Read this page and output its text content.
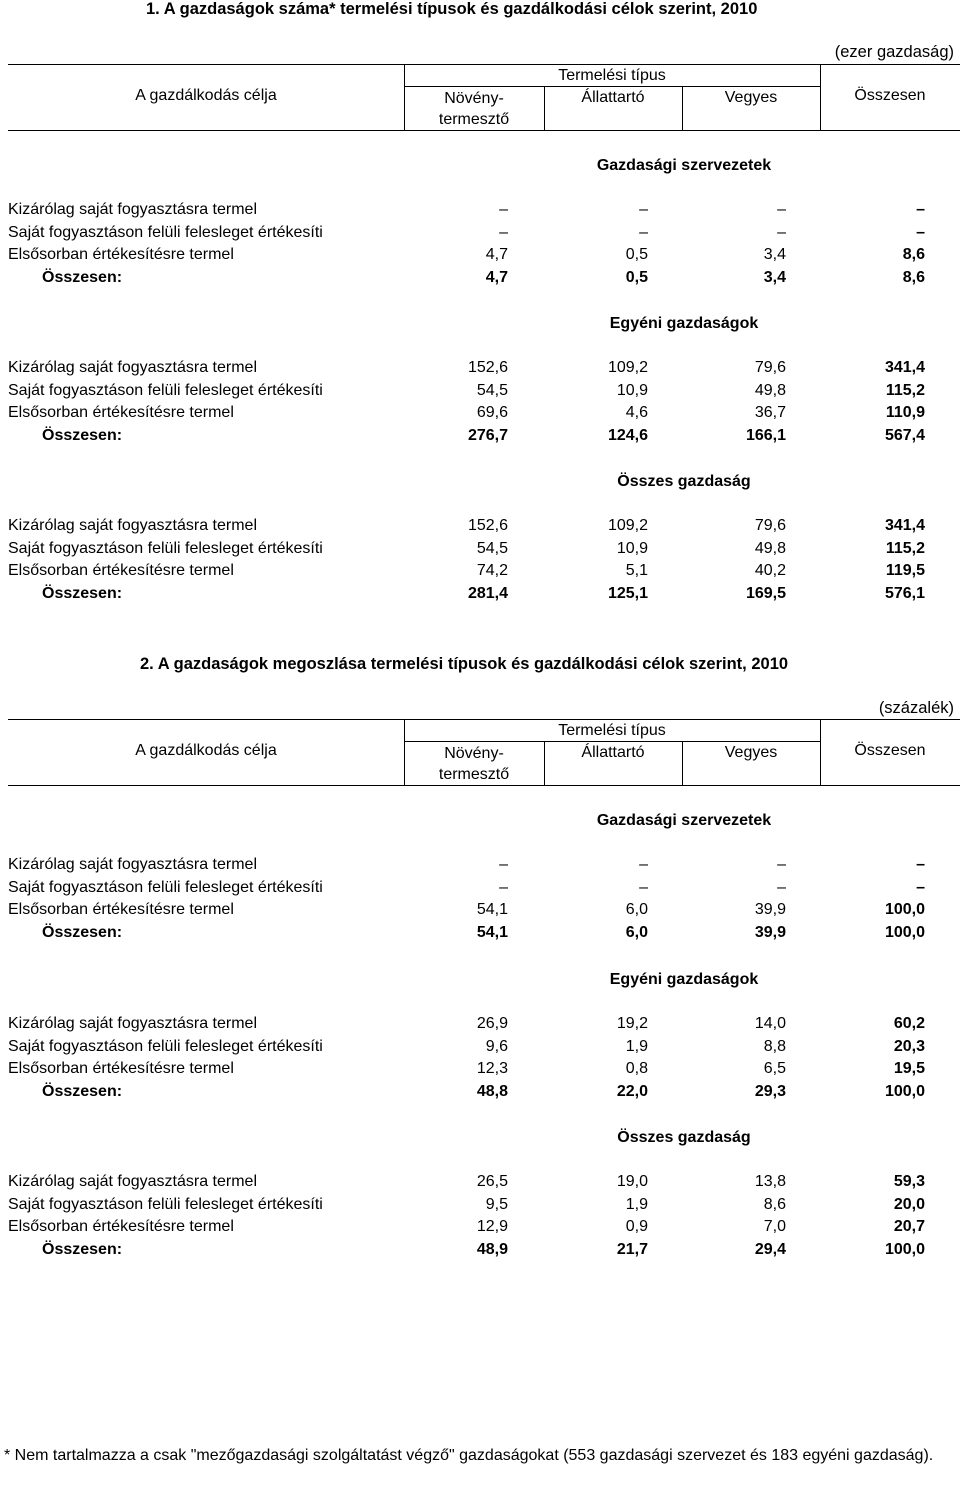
1. A gazdaságok száma* termelési típusok és gazdálkodási célok szerint, 2010
(ezer gazdaság)
A gazdálkodás célja
Termelési típus
Növény-
termesztő
Állattartó	Vegyes	Összesen
Gazdasági szervezetek
Kizárólag saját fogyasztásra termel	–	–	–	–
Saját fogyasztáson felüli felesleget értékesíti	–	–	–	–
Elsősorban értékesítésre termel	4,7	0,5	3,4	8,6
Összesen:	4,7	0,5	3,4	8,6
Egyéni gazdaságok
Kizárólag saját fogyasztásra termel	152,6	109,2	79,6	341,4
Saját fogyasztáson felüli felesleget értékesíti	54,5	10,9	49,8	115,2
Elsősorban értékesítésre termel	69,6	4,6	36,7	110,9
Összesen:	276,7	124,6	166,1	567,4
Összes gazdaság
Kizárólag saját fogyasztásra termel	152,6	109,2	79,6	341,4
Saját fogyasztáson felüli felesleget értékesíti	54,5	10,9	49,8	115,2
Elsősorban értékesítésre termel	74,2	5,1	40,2	119,5
Összesen:	281,4	125,1	169,5	576,1
2. A gazdaságok megoszlása termelési típusok és gazdálkodási célok szerint, 2010
(százalék)
A gazdálkodás célja
Termelési típus
Növény-
termesztő
Állattartó	Vegyes	Összesen
Gazdasági szervezetek
Kizárólag saját fogyasztásra termel	–	–	–	–
Saját fogyasztáson felüli felesleget értékesíti	–	–	–	–
Elsősorban értékesítésre termel	54,1	6,0	39,9	100,0
Összesen:	54,1	6,0	39,9	100,0
Egyéni gazdaságok
Kizárólag saját fogyasztásra termel	26,9	19,2	14,0	60,2
Saját fogyasztáson felüli felesleget értékesíti	9,6	1,9	8,8	20,3
Elsősorban értékesítésre termel	12,3	0,8	6,5	19,5
Összesen:	48,8	22,0	29,3	100,0
Összes gazdaság
Kizárólag saját fogyasztásra termel	26,5	19,0	13,8	59,3
Saját fogyasztáson felüli felesleget értékesíti	9,5	1,9	8,6	20,0
Elsősorban értékesítésre termel	12,9	0,9	7,0	20,7
Összesen:	48,9	21,7	29,4	100,0
* Nem tartalmazza a csak "mezőgazdasági szolgáltatást végző" gazdaságokat (553 gazdasági szervezet és 183 egyéni gazdaság).
